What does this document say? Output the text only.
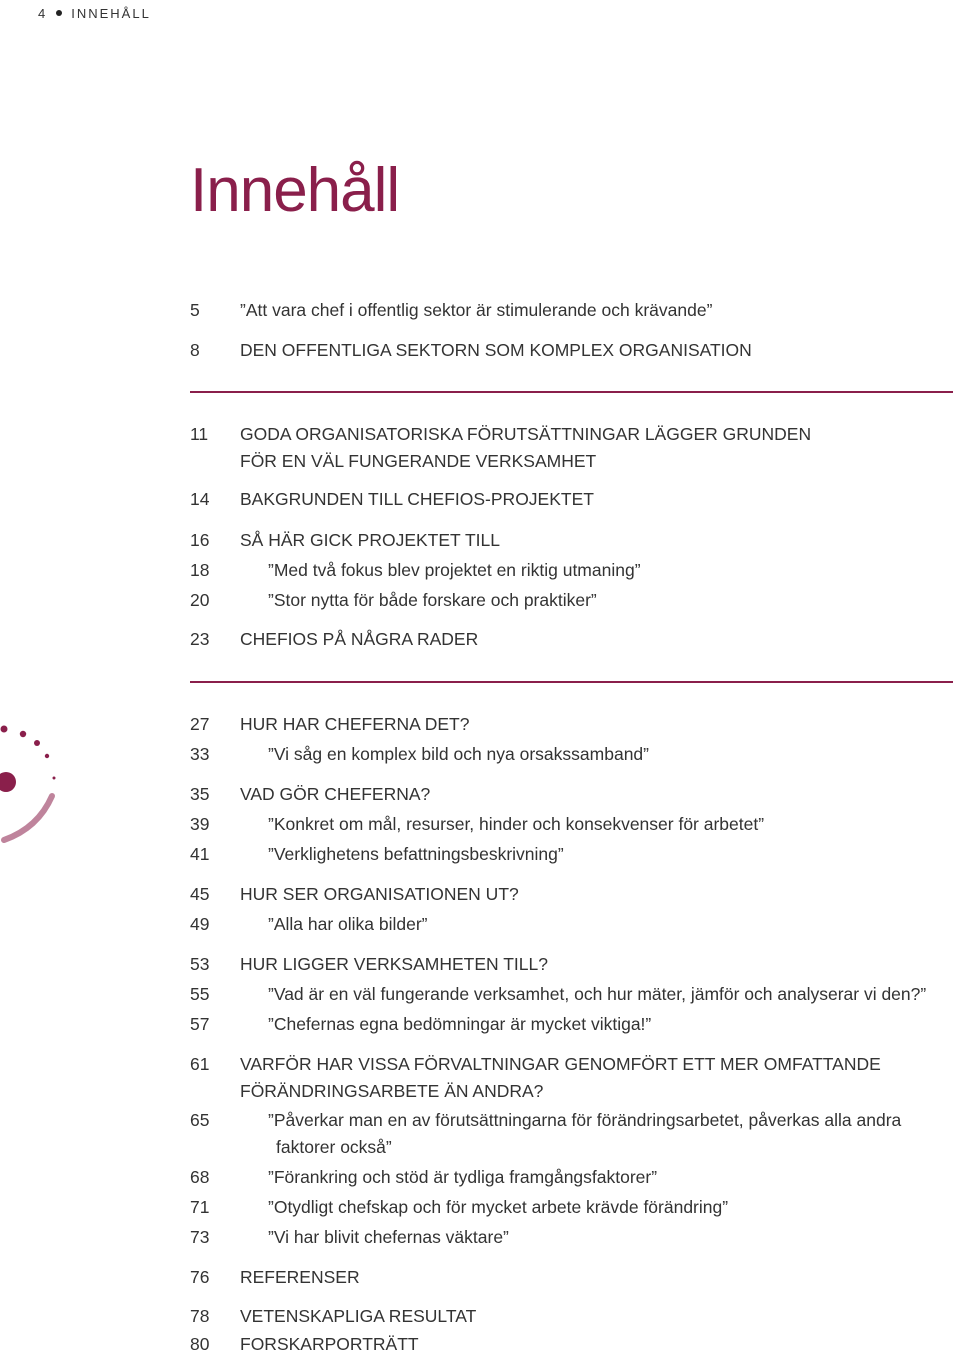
4 INNEHÅLL
Innehåll
5	”Att vara chef i offentlig sektor är stimulerande och krävande”
8	DEN OFFENTLIGA SEKTORN SOM KOMPLEX ORGANISATION
11	GODA ORGANISATORISKA FÖRUTSÄTTNINGAR LÄGGER GRUNDEN
FÖR EN VÄL FUNGERANDE VERKSAMHET
14	BAKGRUNDEN TILL CHEFIOS-PROJEKTET
16	SÅ HÄR GICK PROJEKTET TILL
18	”Med två fokus blev projektet en riktig utmaning”
20	”Stor nytta för både forskare och praktiker”
23	CHEFIOS PÅ NÅGRA RADER
27	HUR HAR CHEFERNA DET?
33	”Vi såg en komplex bild och nya orsakssamband”
35	VAD GÖR CHEFERNA?
39	”Konkret om mål, resurser, hinder och konsekvenser för arbetet”
41	”Verklighetens befattningsbeskrivning”
45	HUR SER ORGANISATIONEN UT?
49	”Alla har olika bilder”
53	HUR LIGGER VERKSAMHETEN TILL?
55	”Vad är en väl fungerande verksamhet, och hur mäter, jämför och analyserar vi den?”
57	”Chefernas egna bedömningar är mycket viktiga!”
61	VARFÖR HAR VISSA FÖRVALTNINGAR GENOMFÖRT ETT MER OMFATTANDE
FÖRÄNDRINGSARBETE ÄN ANDRA?
65	”Påverkar man en av förutsättningarna för förändringsarbetet, påverkas alla andra
faktorer också”
68	”Förankring och stöd är tydliga framgångsfaktorer”
71	”Otydligt chefskap och för mycket arbete krävde förändring”
73	”Vi har blivit chefernas väktare”
76	REFERENSER
78	VETENSKAPLIGA RESULTAT
80	FORSKARPORTRÄTT
